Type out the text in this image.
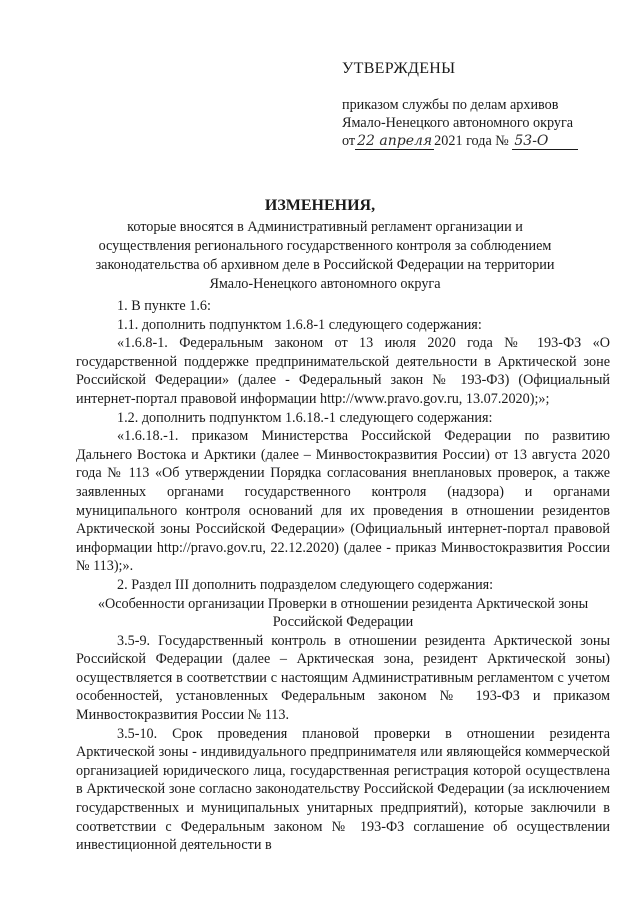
УТВЕРЖДЕНЫ
приказом службы по делам архивов
Ямало-Ненецкого автономного округа
от 22 апреля 2021 года № 53-О
ИЗМЕНЕНИЯ,
которые вносятся в Административный регламент организации и осуществления регионального государственного контроля за соблюдением законодательства об архивном деле в Российской Федерации на территории Ямало-Ненецкого автономного округа

1. В пункте 1.6:

1.1. дополнить подпунктом 1.6.8-1 следующего содержания:

«1.6.8-1. Федеральным законом от 13 июля 2020 года № 193-ФЗ «О государственной поддержке предпринимательской деятельности в Арктической зоне Российской Федерации» (далее - Федеральный закон № 193-ФЗ) (Официальный интернет-портал правовой информации http://www.pravo.gov.ru, 13.07.2020);»;

1.2. дополнить подпунктом 1.6.18.-1 следующего содержания:

«1.6.18.-1. приказом Министерства Российской Федерации по развитию Дальнего Востока и Арктики (далее – Минвостокразвития России) от 13 августа 2020 года № 113 «Об утверждении Порядка согласования внеплановых проверок, а также заявленных органами государственного контроля (надзора) и органами муниципального контроля оснований для их проведения в отношении резидентов Арктической зоны Российской Федерации» (Официальный интернет-портал правовой информации http://pravo.gov.ru, 22.12.2020) (далее - приказ Минвостокразвития России № 113);».

2. Раздел III дополнить подразделом следующего содержания:

«Особенности организации Проверки в отношении резидента Арктической зоны Российской Федерации

3.5-9. Государственный контроль в отношении резидента Арктической зоны Российской Федерации (далее – Арктическая зона, резидент Арктической зоны) осуществляется в соответствии с настоящим Административным регламентом с учетом особенностей, установленных Федеральным законом № 193-ФЗ и приказом Минвостокразвития России № 113.

3.5-10. Срок проведения плановой проверки в отношении резидента Арктической зоны - индивидуального предпринимателя или являющейся коммерческой организацией юридического лица, государственная регистрация которой осуществлена в Арктической зоне согласно законодательству Российской Федерации (за исключением государственных и муниципальных унитарных предприятий), которые заключили в соответствии с Федеральным законом № 193-ФЗ соглашение об осуществлении инвестиционной деятельности в
